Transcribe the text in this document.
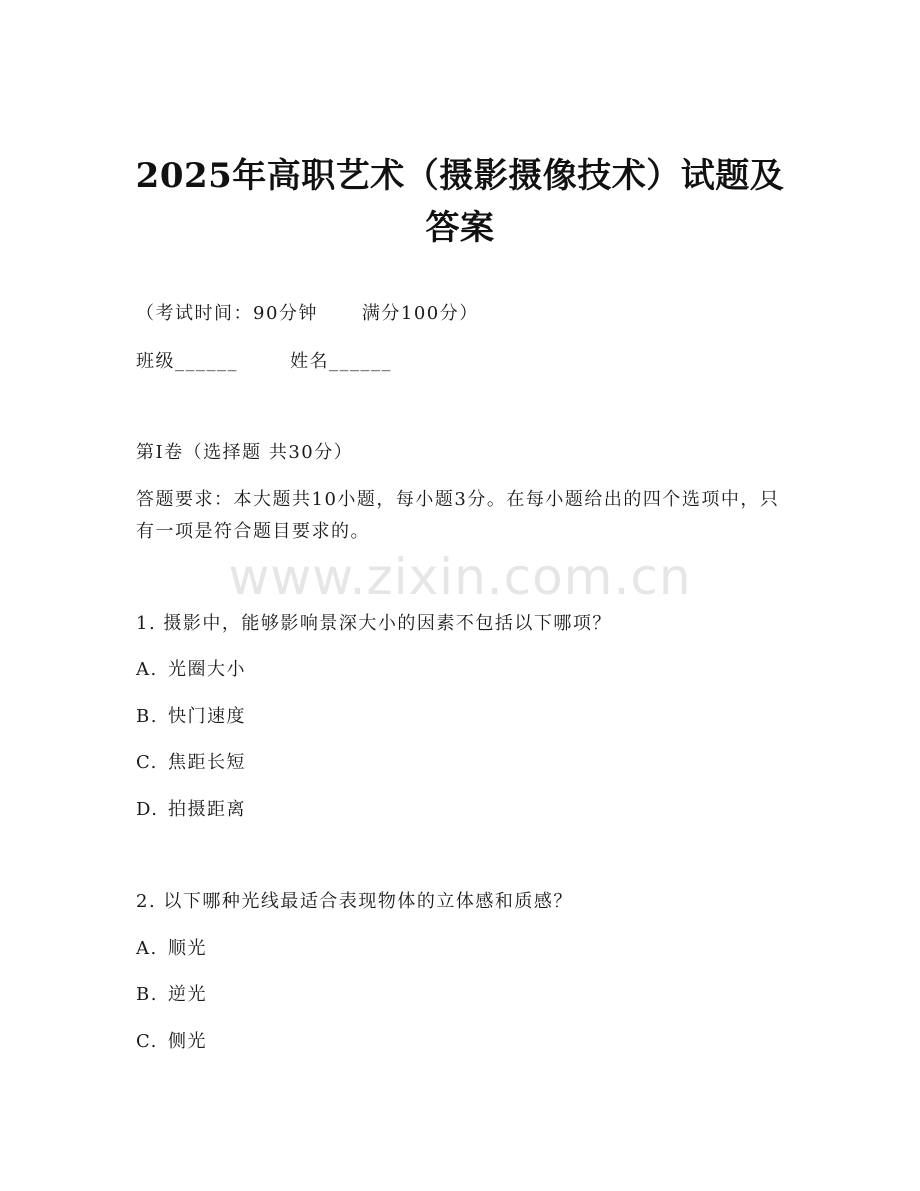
www.zixin.com.cn
2025年高职艺术（摄影摄像技术）试题及答案
（考试时间：90分钟 满分100分）
班级______	姓名______
第I卷（选择题 共30分）
答题要求：本大题共10小题，每小题3分。在每小题给出的四个选项中，只有一项是符合题目要求的。
1. 摄影中，能够影响景深大小的因素不包括以下哪项？
A. 光圈大小
B. 快门速度
C. 焦距长短
D. 拍摄距离
2. 以下哪种光线最适合表现物体的立体感和质感？
A. 顺光
B. 逆光
C. 侧光
